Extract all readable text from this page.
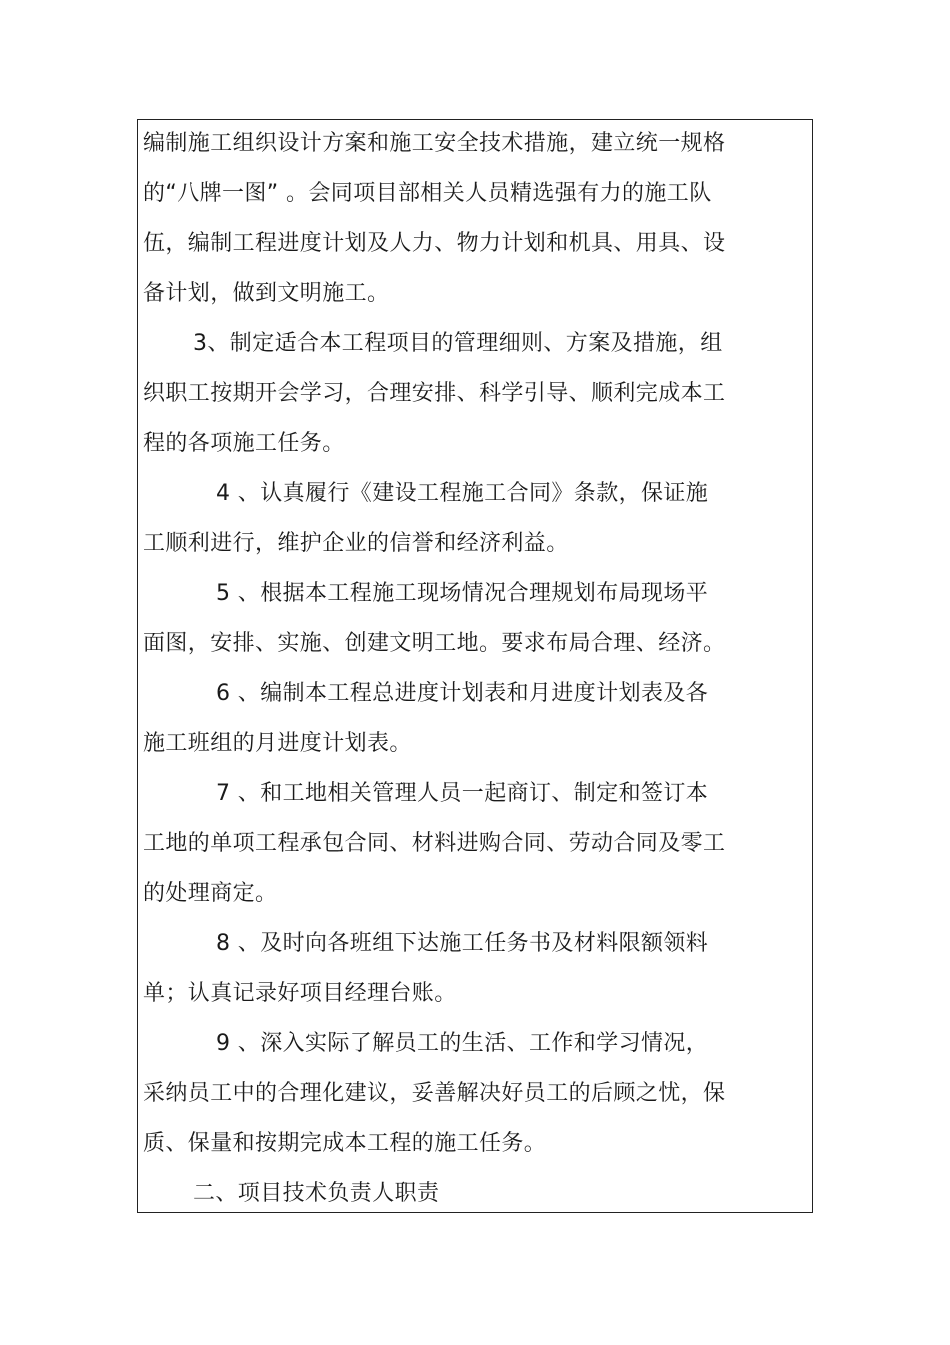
编制施工组织设计方案和施工安全技术措施，建立统一规格
的“八牌一图” 。会同项目部相关人员精选强有力的施工队
伍，编制工程进度计划及人力、物力计划和机具、用具、设
备计划，做到文明施工。
3、制定适合本工程项目的管理细则、方案及措施，组
织职工按期开会学习，合理安排、科学引导、顺利完成本工
程的各项施工任务。
4 、认真履行《建设工程施工合同》条款，保证施
工顺利进行，维护企业的信誉和经济利益。
5 、根据本工程施工现场情况合理规划布局现场平
面图，安排、实施、创建文明工地。要求布局合理、经济。
6 、编制本工程总进度计划表和月进度计划表及各
施工班组的月进度计划表。
7 、和工地相关管理人员一起商订、制定和签订本
工地的单项工程承包合同、材料进购合同、劳动合同及零工
的处理商定。
8 、及时向各班组下达施工任务书及材料限额领料
单；认真记录好项目经理台账。
9 、深入实际了解员工的生活、工作和学习情况，
采纳员工中的合理化建议，妥善解决好员工的后顾之忧，保
质、保量和按期完成本工程的施工任务。
二、项目技术负责人职责
